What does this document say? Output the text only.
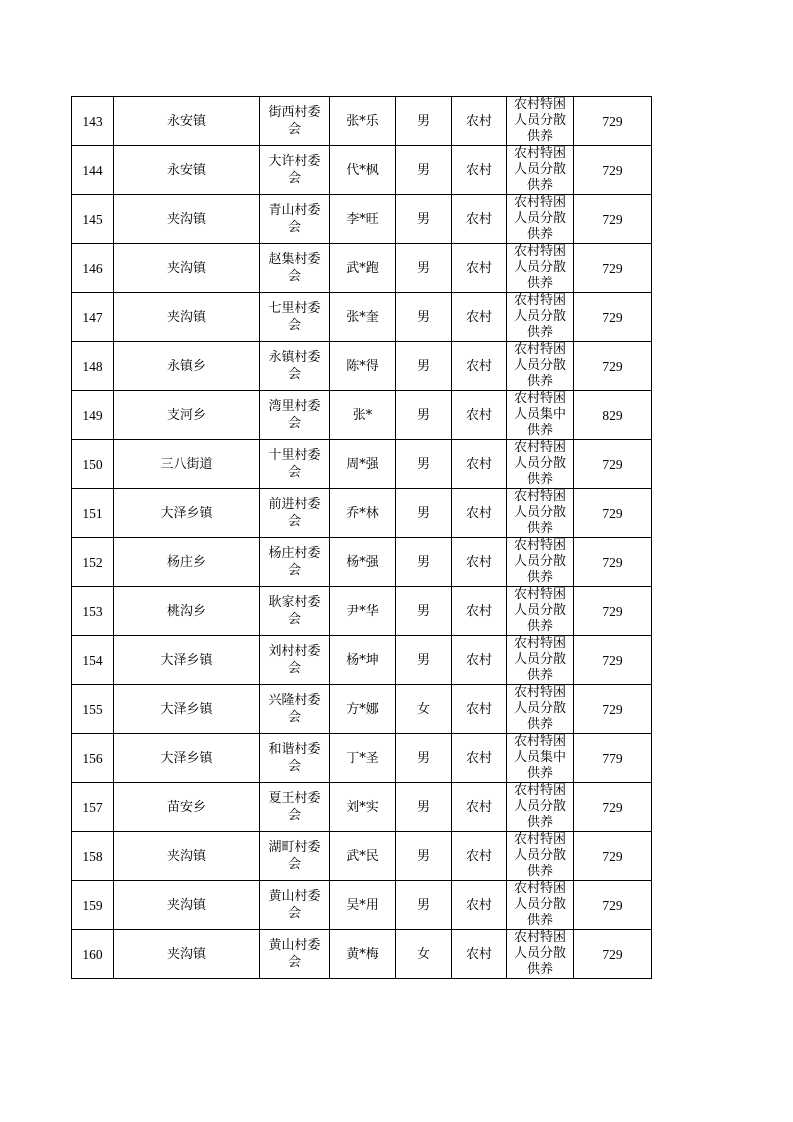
143	永安镇	街西村委会	张*乐	男	农村	农村特困人员分散供养	729
144	永安镇	大许村委会	代*枫	男	农村	农村特困人员分散供养	729
145	夹沟镇	青山村委会	李*旺	男	农村	农村特困人员分散供养	729
146	夹沟镇	赵集村委会	武*跑	男	农村	农村特困人员分散供养	729
147	夹沟镇	七里村委会	张*奎	男	农村	农村特困人员分散供养	729
148	永镇乡	永镇村委会	陈*得	男	农村	农村特困人员分散供养	729
149	支河乡	湾里村委会	张*	男	农村	农村特困人员集中供养	829
150	三八街道	十里村委会	周*强	男	农村	农村特困人员分散供养	729
151	大泽乡镇	前进村委会	乔*林	男	农村	农村特困人员分散供养	729
152	杨庄乡	杨庄村委会	杨*强	男	农村	农村特困人员分散供养	729
153	桃沟乡	耿家村委会	尹*华	男	农村	农村特困人员分散供养	729
154	大泽乡镇	刘村村委会	杨*坤	男	农村	农村特困人员分散供养	729
155	大泽乡镇	兴隆村委会	方*娜	女	农村	农村特困人员分散供养	729
156	大泽乡镇	和谐村委会	丁*圣	男	农村	农村特困人员集中供养	779
157	苗安乡	夏王村委会	刘*实	男	农村	农村特困人员分散供养	729
158	夹沟镇	湖町村委会	武*民	男	农村	农村特困人员分散供养	729
159	夹沟镇	黄山村委会	吴*用	男	农村	农村特困人员分散供养	729
160	夹沟镇	黄山村委会	黄*梅	女	农村	农村特困人员分散供养	729
